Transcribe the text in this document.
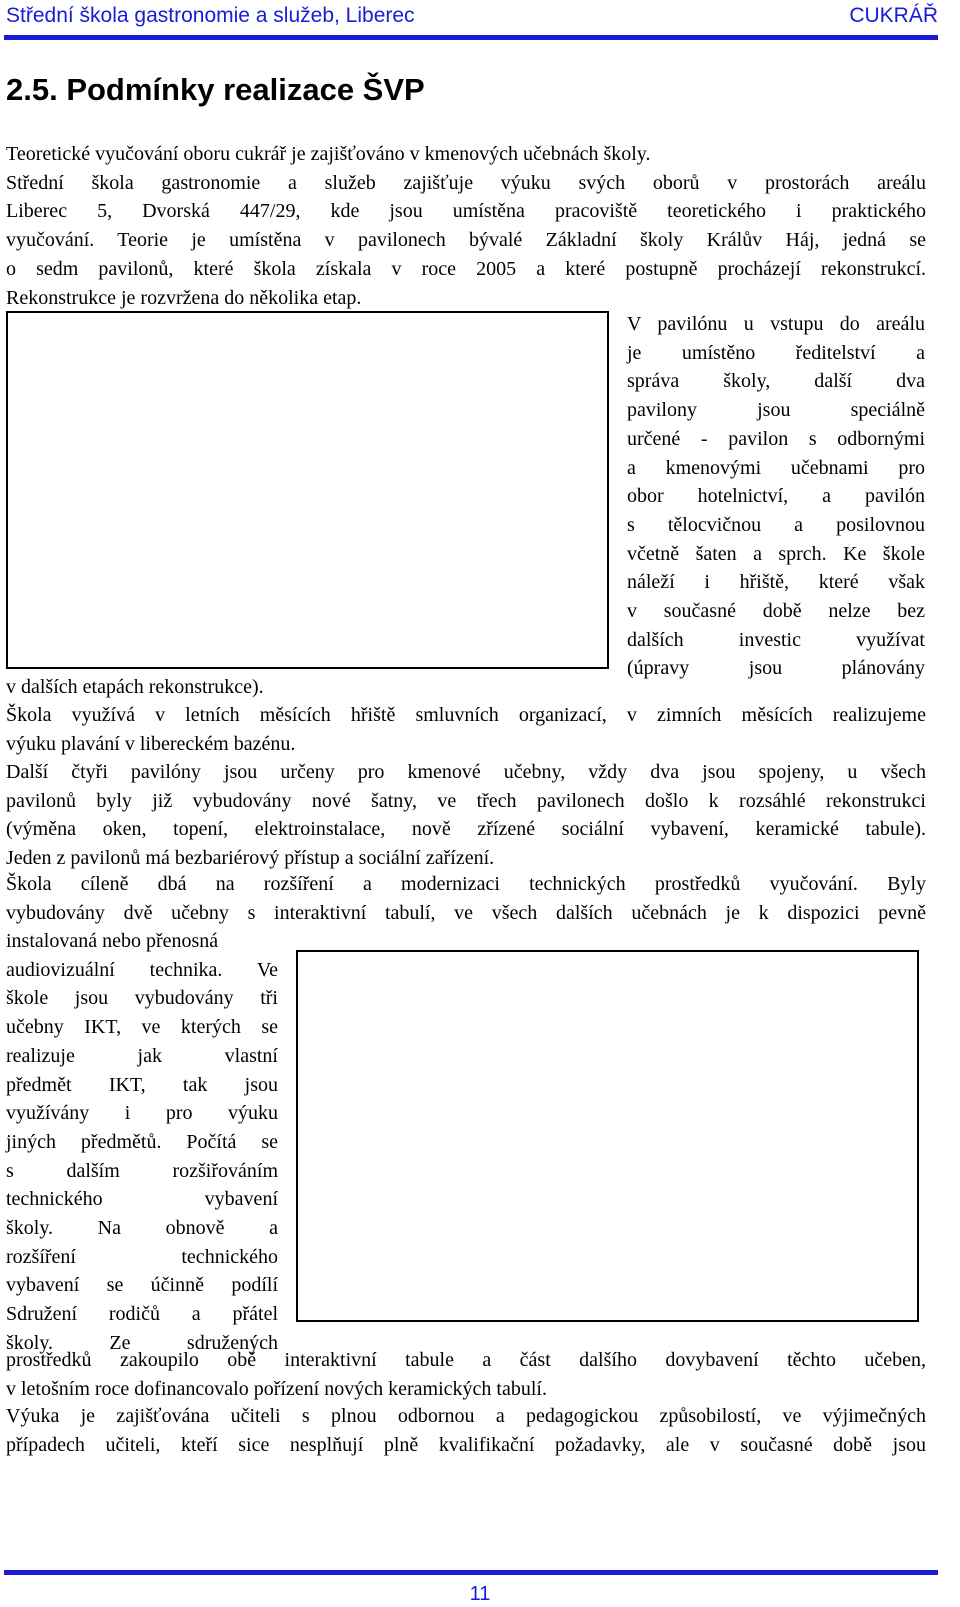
Střední škola gastronomie a služeb, Liberec	CUKRÁŘ
2.5. Podmínky realizace ŠVP
Teoretické vyučování oboru cukrář je zajišťováno v kmenových učebnách školy.
Střední škola gastronomie a služeb zajišťuje výuku svých oborů v prostorách areálu
Liberec 5, Dvorská 447/29, kde jsou umístěna pracoviště teoretického i praktického
vyučování. Teorie je umístěna v pavilonech bývalé Základní školy Králův Háj, jedná se
o sedm pavilonů, které škola získala v roce 2005 a které postupně procházejí rekonstrukcí.
Rekonstrukce je rozvržena do několika etap.
V pavilónu u vstupu do areálu
je umístěno ředitelství a
správa školy, další dva
pavilony jsou speciálně
určené - pavilon s odbornými
a kmenovými učebnami pro
obor hotelnictví, a pavilón
s tělocvičnou a posilovnou
včetně šaten a sprch. Ke škole
náleží i hřiště, které však
v současné době nelze bez
dalších investic využívat
(úpravy jsou plánovány
v dalších etapách rekonstrukce).
Škola využívá v letních měsících hřiště smluvních organizací, v zimních měsících realizujeme
výuku plavání v libereckém bazénu.
Další čtyři pavilóny jsou určeny pro kmenové učebny, vždy dva jsou spojeny, u všech
pavilonů byly již vybudovány nové šatny, ve třech pavilonech došlo k rozsáhlé rekonstrukci
(výměna oken, topení, elektroinstalace, nově zřízené sociální vybavení, keramické tabule).
Jeden z pavilonů má bezbariérový přístup a sociální zařízení.
Škola cíleně dbá na rozšíření a modernizaci technických prostředků vyučování. Byly
vybudovány dvě učebny s interaktivní tabulí, ve všech dalších učebnách je k dispozici pevně
instalovaná nebo přenosná
audiovizuální technika. Ve
škole jsou vybudovány tři
učebny IKT, ve kterých se
realizuje jak vlastní
předmět IKT, tak jsou
využívány i pro výuku
jiných předmětů. Počítá se
s dalším rozšiřováním
technického vybavení
školy. Na obnově a
rozšíření technického
vybavení se účinně podílí
Sdružení rodičů a přátel
školy. Ze sdružených
prostředků zakoupilo obě interaktivní tabule a část dalšího dovybavení těchto učeben,
v letošním roce dofinancovalo pořízení nových keramických tabulí.
Výuka je zajišťována učiteli s plnou odbornou a pedagogickou způsobilostí, ve výjimečných
případech učiteli, kteří sice nesplňují plně kvalifikační požadavky, ale v současné době jsou
11
